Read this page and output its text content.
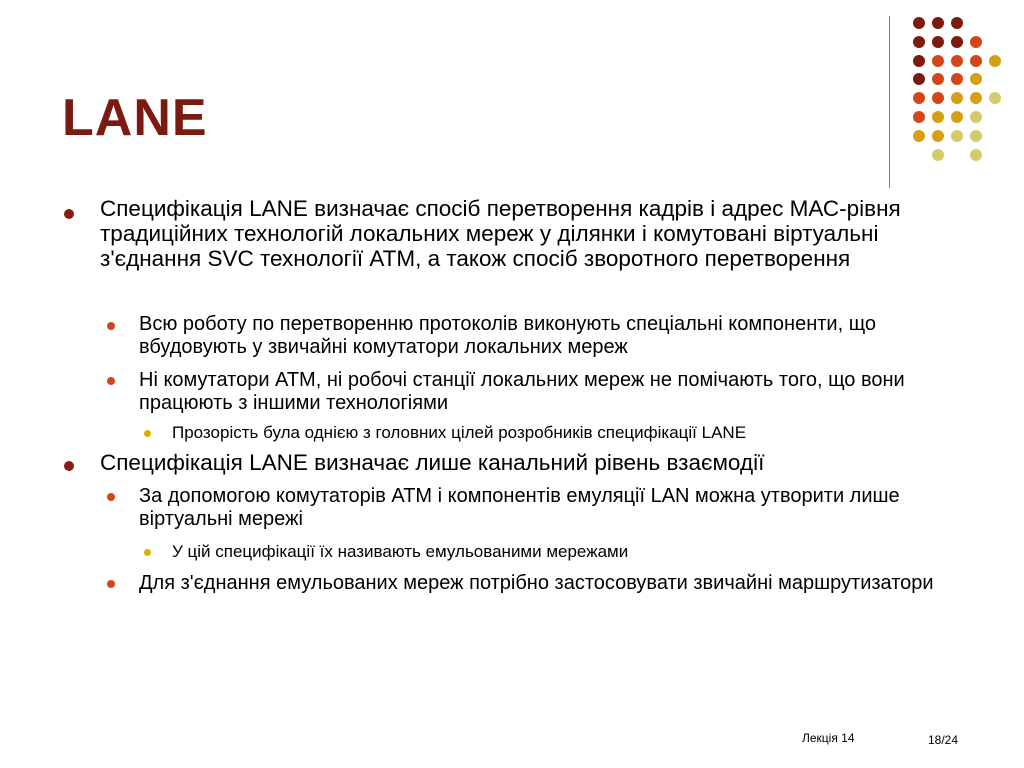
LANE
Специфікація LANE визначає спосіб перетворення кадрів і адрес МАС-рівня традиційних технологій локальних мереж у ділянки і комутовані віртуальні з'єднання SVC технології АТМ, а також спосіб зворотного перетворення
Всю роботу по перетворенню протоколів виконують спеціальні компоненти, що вбудовують у звичайні комутатори локальних мереж
Ні комутатори АТМ, ні робочі станції локальних мереж не помічають того, що вони працюють з іншими технологіями
Прозорість була однією з головних цілей розробників специфікації LANE
Специфікація LANE визначає лише канальний рівень взаємодії
За допомогою комутаторів АТМ і компонентів емуляції LAN можна утворити лише віртуальні мережі
У цій специфікації їх називають емульованими мережами
Для з'єднання емульованих мереж потрібно застосовувати звичайні маршрутизатори
Лекція 14	18/24
